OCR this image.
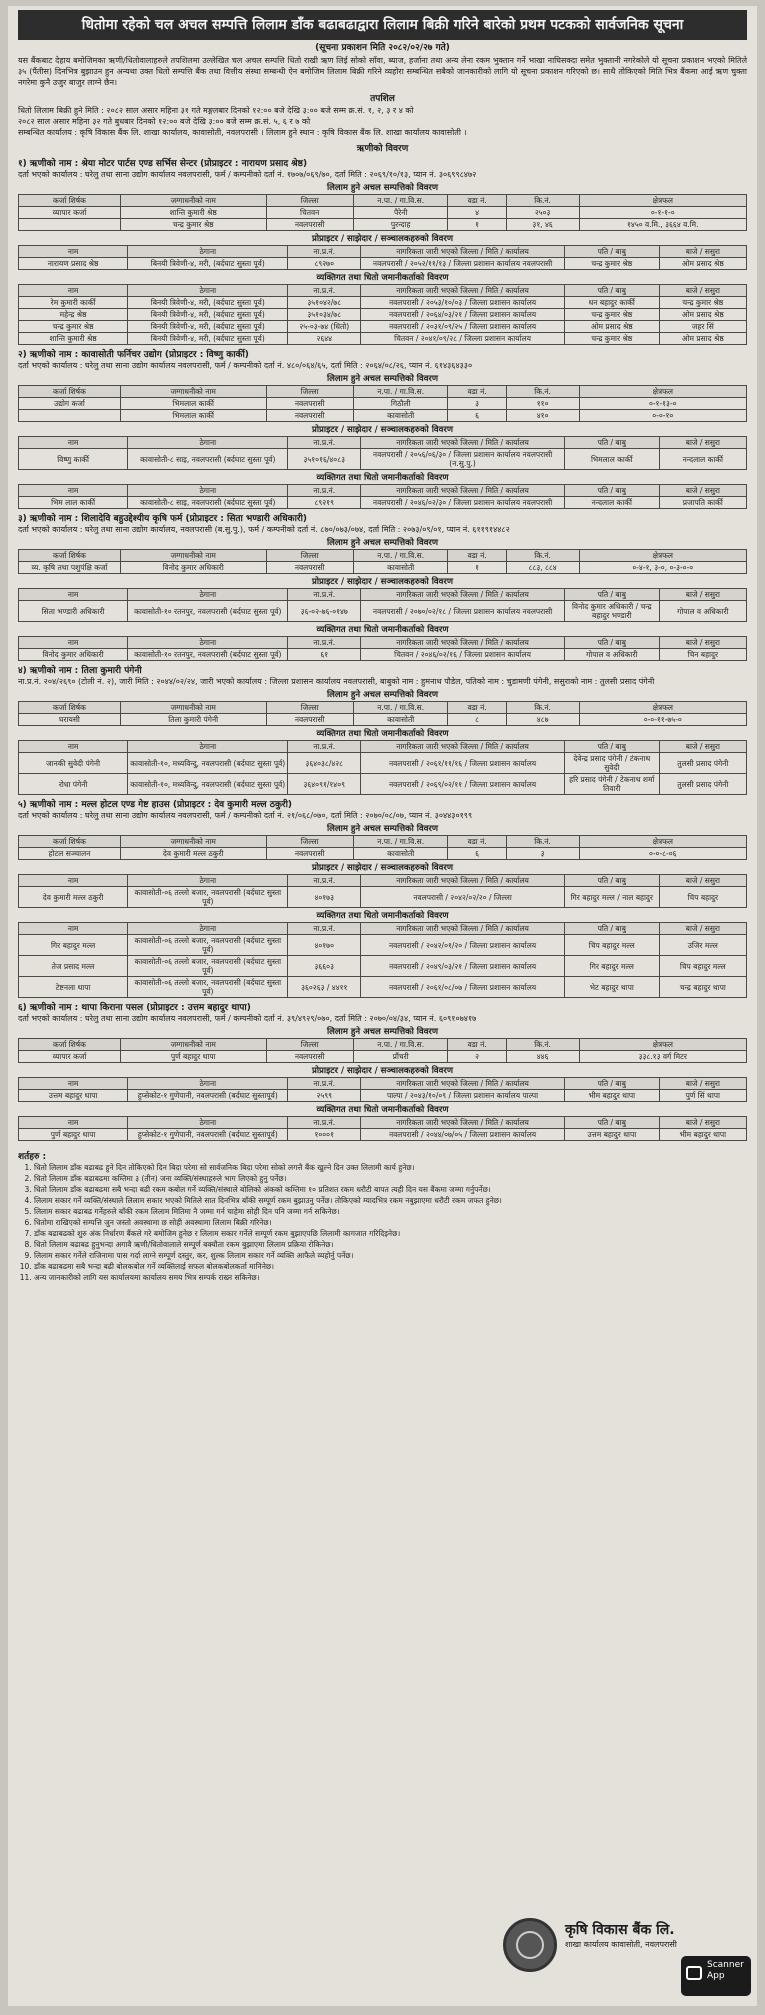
धितोमा रहेको चल अचल सम्पत्ति लिलाम डाँक बढाबढाद्वारा लिलाम बिक्री गरिने बारेको प्रथम पटकको सार्वजनिक सूचना
(सूचना प्रकाशन मिति २०८२/०२/२७ गते)
यस बैंकबाट देहाय बमोजिमका ऋणी/धितोवालाहरुले तपशिलमा उल्लेखित चल अचल सम्पत्ति धितो राखी ऋण लिई सोको साँवा, ब्याज, हर्जाना तथा अन्य लेना रकम भुक्तान गर्ने भाखा नाघिसक्दा समेत भुक्तानी नगरेकोले यो सूचना प्रकाशन भएको मितिले ३५ (पैंतीस) दिनभित्र बुझाउन हुन अन्यथा उक्त धितो सम्पत्ति बैंक तथा वित्तीय संस्था सम्बन्धी ऐन बमोजिम लिलाम बिक्री गरिने व्यहोरा सम्बन्धित सबैको जानकारीको लागि यो सूचना प्रकाशन गरिएको छ। साथै तोकिएको मिति भित्र बैंकमा आई ऋण चुक्ता नगरेमा कुनै उजुर बाजुर लाग्ने छैन।
तपशिल
धितो लिलाम बिक्री हुने मिति : २०८२ साल असार महिना ३१ गते मङ्गलबार दिनको १२:०० बजे देखि ३:०० बजे सम्म क्र.सं. १, २, ३ र ४ को
२०८२ साल असार महिना ३२ गते बुधबार दिनको १२:०० बजे देखि ३:०० बजे सम्म क्र.सं. ५, ६ र ७ को
सम्बन्धित कार्यालय : कृषि विकास बैंक लि. शाखा कार्यालय, कावासोती, नवलपरासी । लिलाम हुने स्थान : कृषि विकास बैंक लि. शाखा कार्यालय कावासोती ।
ऋणीको विवरण
१) ऋणीको नाम : श्रेया मोटर पार्टस एण्ड सर्भिस सेन्टर (प्रोप्राइटर : नारायण प्रसाद श्रेष्ठ)
दर्ता भएको कार्यालय : घरेलु तथा साना उद्योग कार्यालय नवलपरासी, फर्म / कम्पनीको दर्ता नं. १७०७/०६९/७०, दर्ता मिति : २०६९/१०/१३, प्यान नं. ३०६९९८४७२
लिलाम हुने अचल सम्पत्तिको विवरण
कर्जा शिर्षक	जग्गाधनीको नाम	जिल्ला	न.पा. / गा.वि.स.	वडा नं.	कि.नं.	क्षेत्रफल
व्यापार कर्जा	शान्ति कुमारी श्रेष्ठ	चितवन	पैरेनी	४	२५०३	०-१-१-०
	चन्द्र कुमार श्रेष्ठ	नवलपरासी	पुरन्दाह	१	३१, ४६	१४५० व.मि., ३६६४ व.मि.
प्रोप्राइटर / साझेदार / सञ्चालकहरुको विवरण
नाम	ठेगाना	ना.प्र.नं.	नागरिकता जारी भएको जिल्ला / मिति / कार्यालय	पति / बाबु	बाजे / ससुरा
नारायण प्रसाद श्रेष्ठ	बिनयी त्रिवेणी-४, मरी, (बर्दघाट सुस्ता पूर्व)	८९२७०	नवलपरासी / २०५२/११/१३ / जिल्ला प्रशासन कार्यालय नवलपरासी	चन्द्र कुमार श्रेष्ठ	ओम प्रसाद श्रेष्ठ
व्यक्तिगत तथा धितो जमानीकर्ताको विवरण
नाम	ठेगाना	ना.प्र.नं.	नागरिकता जारी भएको जिल्ला / मिति / कार्यालय	पति / बाबु	बाजे / ससुरा
रेम कुमारी कार्की	बिनयी त्रिवेणी-४, मरी, (बर्दघाट सुस्ता पूर्व)	३५१०४२/७८	नवलपरासी / २०५३/१०/०३ / जिल्ला प्रशासन कार्यालय	धन बहादुर कार्की	चन्द्र कुमार श्रेष्ठ
महेन्द्र श्रेष्ठ	बिनयी त्रिवेणी-४, मरी, (बर्दघाट सुस्ता पूर्व)	३५१०३४/७८	नवलपरासी / २०६४/०३/२१ / जिल्ला प्रशासन कार्यालय	चन्द्र कुमार श्रेष्ठ	ओम प्रसाद श्रेष्ठ
चन्द्र कुमार श्रेष्ठ	बिनयी त्रिवेणी-४, मरी, (बर्दघाट सुस्ता पूर्व)	२५-०३-७४ (धितो)	नवलपरासी / २०३१/०९/२५ / जिल्ला प्रशासन कार्यालय	ओम प्रसाद श्रेष्ठ	जहर सिं
शान्ति कुमारी श्रेष्ठ	बिनयी त्रिवेणी-४, मरी, (बर्दघाट सुस्ता पूर्व)	२६४४	चितवन / २०४१/०९/२८ / जिल्ला प्रशासन कार्यालय	चन्द्र कुमार श्रेष्ठ	ओम प्रसाद श्रेष्ठ
२) ऋणीको नाम : कावासोती फर्निचर उद्योग (प्रोप्राइटर : विष्णु कार्की)
दर्ता भएको कार्यालय : घरेलु तथा साना उद्योग कार्यालय नवलपरासी, फर्म / कम्पनीको दर्ता नं. ४८०/०६४/६५, दर्ता मिति : २०६४/०८/२६, प्यान नं. ६१४३६४३३०
लिलाम हुने अचल सम्पत्तिको विवरण
कर्जा शिर्षक	जग्गाधनीको नाम	जिल्ला	न.पा. / गा.वि.स.	वडा नं.	कि.नं.	क्षेत्रफल
उद्योग कर्जा	भिमलाल कार्की	नवलपरासी	गिठौली	३	११०	०-१-१३-०
	भिमलाल कार्की	नवलपरासी	कावासोती	६	४१०	०-०-१०
प्रोप्राइटर / साझेदार / सञ्चालकहरुको विवरण
नाम	ठेगाना	ना.प्र.नं.	नागरिकता जारी भएको जिल्ला / मिति / कार्यालय	पति / बाबु	बाजे / ससुरा
विष्णु कार्की	कावासोती-८ साइ, नवलपरासी (बर्दघाट सुस्ता पूर्व)	३५१०१६/४०८३	नवलपरासी / २०५६/०६/३० / जिल्ला प्रशासन कार्यालय नवलपरासी (न.सु.पु.)	भिमलाल कार्की	नन्दलाल कार्की
व्यक्तिगत तथा धितो जमानीकर्ताको विवरण
नाम	ठेगाना	ना.प्र.नं.	नागरिकता जारी भएको जिल्ला / मिति / कार्यालय	पति / बाबु	बाजे / ससुरा
भिम लाल कार्की	कावासोती-८ साइ, नवलपरासी (बर्दघाट सुस्ता पूर्व)	८९२१९	नवलपरासी / २०४६/०२/३० / जिल्ला प्रशासन कार्यालय नवलपरासी	नन्दलाल कार्की	प्रजापति कार्की
३) ऋणीको नाम : शिलादेवि बहुउद्देश्यीय कृषि फर्म (प्रोप्राइटर : सिता भण्डारी अधिकारी)
दर्ता भएको कार्यालय : घरेलु तथा साना उद्योग कार्यालय, नवलपरासी (ब.सु.पु.), फर्म / कम्पनीको दर्ता नं. ८७०/०७३/०७४, दर्ता मिति : २०७३/०९/०१, प्यान नं. ६११९१४४८२
लिलाम हुने अचल सम्पत्तिको विवरण
कर्जा शिर्षक	जग्गाधनीको नाम	जिल्ला	न.पा. / गा.वि.स.	वडा नं.	कि.नं.	क्षेत्रफल
व्य. कृषि तथा पशुपंक्षि कर्जा	विनोद कुमार अधिकारी	नवलपरासी	कावासोती	१	८८३, ८८४	०-४-१, ३-०, ०-३-०-०
प्रोप्राइटर / साझेदार / सञ्चालकहरुको विवरण
नाम	ठेगाना	ना.प्र.नं.	नागरिकता जारी भएको जिल्ला / मिति / कार्यालय	पति / बाबु	बाजे / ससुरा
सिता भण्डारी अधिकारी	कावासोती-१० रतनपुर, नवलपरासी (बर्दघाट सुस्ता पूर्व)	३६-०२-७६-०१४७	नवलपरासी / २०७०/०२/१८ / जिल्ला प्रशासन कार्यालय नवलपरासी	विनोद कुमार अधिकारी / चन्द्र बहादुर भण्डारी	गोपाल व अधिकारी
व्यक्तिगत तथा धितो जमानीकर्ताको विवरण
नाम	ठेगाना	ना.प्र.नं.	नागरिकता जारी भएको जिल्ला / मिति / कार्यालय	पति / बाबु	बाजे / ससुरा
विनोद कुमार अधिकारी	कावासोती-१० रतनपुर, नवलपरासी (बर्दघाट सुस्ता पूर्व)	६१	चितवन / २०४६/०२/१६ / जिल्ला प्रशासन कार्यालय	गोपाल व अधिकारी	चिन बहादुर
४) ऋणीको नाम : तिला कुमारी पंगेनी
ना.प्र.नं. २०४/२६९० (टोली नं. २), जारी मिति : २०४४/०२/२४, जारी भएको कार्यालय : जिल्ला प्रशासन कार्यालय नवलपरासी, बाबुको नाम : हुमनाथ पौडेल, पतिको नाम : चुडामणी पंगेनी, ससुराको नाम : तुलसी प्रसाद पंगेनी
लिलाम हुने अचल सम्पत्तिको विवरण
कर्जा शिर्षक	जग्गाधनीको नाम	जिल्ला	न.पा. / गा.वि.स.	वडा नं.	कि.नं.	क्षेत्रफल
घरायसी	तिला कुमारी पंगेनी	नवलपरासी	कावासोती	८	४८७	०-०-११-७५-०
व्यक्तिगत तथा धितो जमानीकर्ताको विवरण
नाम	ठेगाना	ना.प्र.नं.	नागरिकता जारी भएको जिल्ला / मिति / कार्यालय	पति / बाबु	बाजे / ससुरा
जानकी सुवेदी पंगेनी	कावासोती-१०, मध्यविन्दु, नवलपरासी (बर्दघाट सुस्ता पूर्व)	३६४०३८/४२८	नवलपरासी / २०६१/११/१६ / जिल्ला प्रशासन कार्यालय	देवेन्द्र प्रसाद पंगेनी / टंकनाथ सुवेदी	तुलसी प्रसाद पंगेनी
रोधा पंगेनी	कावासोती-१०, मध्यविन्दु, नवलपरासी (बर्दघाट सुस्ता पूर्व)	३६४०९१/१४०९	नवलपरासी / २०६९/०२/११ / जिल्ला प्रशासन कार्यालय	हरि प्रसाद पंगेनी / टेकनाथ शर्मा तिवारी	तुलसी प्रसाद पंगेनी
५) ऋणीको नाम : मल्ल होटल एण्ड गेष्ट हाउस (प्रोप्राइटर : देव कुमारी मल्ल ठकुरी)
दर्ता भएको कार्यालय : घरेलु तथा साना उद्योग कार्यालय नवलपरासी, फर्म / कम्पनीको दर्ता नं. २१/०६८/०७०, दर्ता मिति : २०७०/०८/०७, प्यान नं. ३०४४३०१९९
लिलाम हुने अचल सम्पत्तिको विवरण
कर्जा शिर्षक	जग्गाधनीको नाम	जिल्ला	न.पा. / गा.वि.स.	वडा नं.	कि.नं.	क्षेत्रफल
होटल सञ्चालन	देव कुमारी मल्ल ठकुरी	नवलपरासी	कावासोती	६	३	०-०-८-०६
प्रोप्राइटर / साझेदार / सञ्चालकहरुको विवरण
नाम	ठेगाना	ना.प्र.नं.	नागरिकता जारी भएको जिल्ला / मिति / कार्यालय	पति / बाबु	बाजे / ससुरा
देव कुमारी मल्ल ठकुरी	कावासोती-०६ तल्लो बजार, नवलपरासी (बर्दघाट सुस्ता पूर्व)	४०१७३	नवलपरासी / २०४२/०२/२० / जिल्ला	गिर बहादुर मल्ल / नाल बहादुर	चिप बहादुर
व्यक्तिगत तथा धितो जमानीकर्ताको विवरण
नाम	ठेगाना	ना.प्र.नं.	नागरिकता जारी भएको जिल्ला / मिति / कार्यालय	पति / बाबु	बाजे / ससुरा
गिर बहादुर मल्ल	कावासोती-०६ तल्लो बजार, नवलपरासी (बर्दघाट सुस्ता पूर्व)	४०१७०	नवलपरासी / २०४२/०१/२० / जिल्ला प्रशासन कार्यालय	चिप बहादुर मल्ल	उजिर मल्ल
तेज प्रसाद मल्ल	कावासोती-०६ तल्लो बजार, नवलपरासी (बर्दघाट सुस्ता पूर्व)	३६६०३	नवलपरासी / २०४९/०३/२१ / जिल्ला प्रशासन कार्यालय	गिर बहादुर मल्ल	चिप बहादुर मल्ल
टेष्टनला थापा	कावासोती-०६ तल्लो बजार, नवलपरासी (बर्दघाट सुस्ता पूर्व)	३६०२६३ / ४४११	नवलपरासी / २०६१/०८/०७ / जिल्ला प्रशासन कार्यालय	भेट बहादुर थापा	चन्द्र बहादुर थापा
६) ऋणीको नाम : थापा किराना पसल (प्रोप्राइटर : उत्तम बहादुर थापा)
दर्ता भएको कार्यालय : घरेलु तथा साना उद्योग कार्यालय नवलपरासी, फर्म / कम्पनीको दर्ता नं. ३९/४९२९/०७०, दर्ता मिति : २०७०/०४/३४, प्यान नं. ६०९१०७४१७
लिलाम हुने अचल सम्पत्तिको विवरण
कर्जा शिर्षक	जग्गाधनीको नाम	जिल्ला	न.पा. / गा.वि.स.	वडा नं.	कि.नं.	क्षेत्रफल
व्यापार कर्जा	पुर्ण बहादुर थापा	नवलपरासी	प्रौंचरी	२	४४६	३३८.१३ वर्ग मिटर
प्रोप्राइटर / साझेदार / सञ्चालकहरुको विवरण
नाम	ठेगाना	ना.प्र.नं.	नागरिकता जारी भएको जिल्ला / मिति / कार्यालय	पति / बाबु	बाजे / ससुरा
उत्तम बहादुर थापा	हुप्सेकोट-१ गुणेपानी, नवलपरासी (बर्दघाट सुस्तापूर्व)	२५९९	पाल्पा / २०४३/१०/०९ / जिल्ला प्रशासन कार्यालय पाल्पा	भीम बहादुर थापा	पुर्ण सिं थापा
व्यक्तिगत तथा धितो जमानीकर्ताको विवरण
नाम	ठेगाना	ना.प्र.नं.	नागरिकता जारी भएको जिल्ला / मिति / कार्यालय	पति / बाबु	बाजे / ससुरा
पुर्ण बहादुर थापा	हुप्सेकोट-१ गुणेपानी, नवलपरासी (बर्दघाट सुस्तापूर्व)	१०००१	नवलपरासी / २०४४/०७/०५ / जिल्ला प्रशासन कार्यालय	उत्तम बहादुर थापा	भीम बहादुर थापा
शर्तहरु :
1. धितो लिलाम डाँक बढाबढ हुने दिन तोकिएको दिन बिदा परेमा सो सार्वजनिक बिदा परेमा सोको लगत्तै बैंक खुल्ने दिन उक्त लिलामी कार्य हुनेछ।
2. धितो लिलाम डाँक बढाबढमा कम्तिमा ३ (तीन) जना व्यक्ति/संस्थाहरुले भाग लिएको हुनु पर्नेछ।
3. धितो लिलाम डाँक बढाबढमा सबै भन्दा बढी रकम कबोल गर्ने व्यक्ति/संस्थाले बोलिको अंकको कम्तिमा १० प्रतिशत रकम धरौटी बापत त्यही दिन यस बैंकमा जम्मा गर्नुपर्नेछ।
4. लिलाम सकार गर्ने व्यक्ति/संस्थाले लिलाम सकार भएको मितिले सात दिनभित्र बाँकी सम्पूर्ण रकम बुझाउनु पर्नेछ। तोकिएको म्यादभित्र रकम नबुझाएमा धरौटी रकम जफत हुनेछ।
5. लिलाम सकार बढाबढ गर्नेहरुले बाँकी रकम लिलाम मितिमा नै जम्मा गर्न चाहेमा सोही दिन पनि जम्मा गर्न सकिनेछ।
6. धितोमा राखिएको सम्पत्ति जुन जस्तो अवस्थामा छ सोही अवस्थामा लिलाम बिक्री गरिनेछ।
7. डाँक बढाबढको शुरु अंक निर्धारण बैंकले गरे बमोजिम हुनेछ र लिलाम सकार गर्नेले सम्पूर्ण रकम बुझाएपछि लिलामी कागजात गरिदिइनेछ।
8. धितो लिलाम बढाबढ हुनुभन्दा अगावै ऋणी/धितोवालाले सम्पूर्ण बक्यौता रकम बुझाएमा लिलाम प्रक्रिया रोकिनेछ।
9. लिलाम सकार गर्नेले राजिनामा पास गर्दा लाग्ने सम्पूर्ण दस्तुर, कर, शुल्क लिलाम सकार गर्ने व्यक्ति आफैले व्यहोर्नु पर्नेछ।
10. डाँक बढाबढमा सबै भन्दा बढी बोलकबोल गर्ने व्यक्तिलाई सफल बोलकबोलकर्ता मानिनेछ।
11. अन्य जानकारीको लागि यस कार्यालयमा कार्यालय समय भित्र सम्पर्क राख्न सकिनेछ।
कृषि विकास बैंक लि.
शाखा कार्यालय कावासोती, नवलपरासी
Scanner
App
